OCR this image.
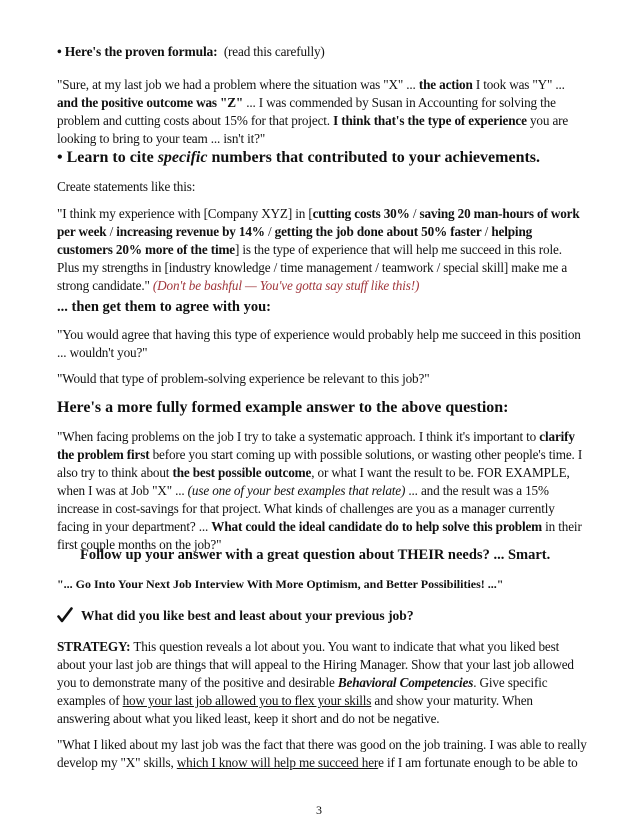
• Here's the proven formula: (read this carefully)

"Sure, at my last job we had a problem where the situation was "X" ... the action I took was "Y" ... and the positive outcome was "Z" ... I was commended by Susan in Accounting for solving the problem and cutting costs about 15% for that project. I think that's the type of experience you are looking to bring to your team ... isn't it?"

• Learn to cite specific numbers that contributed to your achievements.

Create statements like this:

"I think my experience with [Company XYZ] in [cutting costs 30% / saving 20 man-hours of work per week / increasing revenue by 14% / getting the job done about 50% faster / helping customers 20% more of the time] is the type of experience that will help me succeed in this role. Plus my strengths in [industry knowledge / time management / teamwork / special skill] make me a strong candidate." (Don't be bashful — You've gotta say stuff like this!)

... then get them to agree with you:

"You would agree that having this type of experience would probably help me succeed in this position ... wouldn't you?"

"Would that type of problem-solving experience be relevant to this job?"

Here's a more fully formed example answer to the above question:

"When facing problems on the job I try to take a systematic approach. I think it's important to clarify the problem first before you start coming up with possible solutions, or wasting other people's time. I also try to think about the best possible outcome, or what I want the result to be. FOR EXAMPLE, when I was at Job "X" ... (use one of your best examples that relate) ... and the result was a 15% increase in cost-savings for that project. What kinds of challenges are you as a manager currently facing in your department? ... What could the ideal candidate do to help solve this problem in their first couple months on the job?"

Follow up your answer with a great question about THEIR needs? ... Smart.

"... Go Into Your Next Job Interview With More Optimism, and Better Possibilities! ..."

What did you like best and least about your previous job?

STRATEGY: This question reveals a lot about you. You want to indicate that what you liked best about your last job are things that will appeal to the Hiring Manager. Show that your last job allowed you to demonstrate many of the positive and desirable Behavioral Competencies. Give specific examples of how your last job allowed you to flex your skills and show your maturity. When answering about what you liked least, keep it short and do not be negative.

"What I liked about my last job was the fact that there was good on the job training. I was able to really develop my "X" skills, which I know will help me succeed here if I am fortunate enough to be able to

3
